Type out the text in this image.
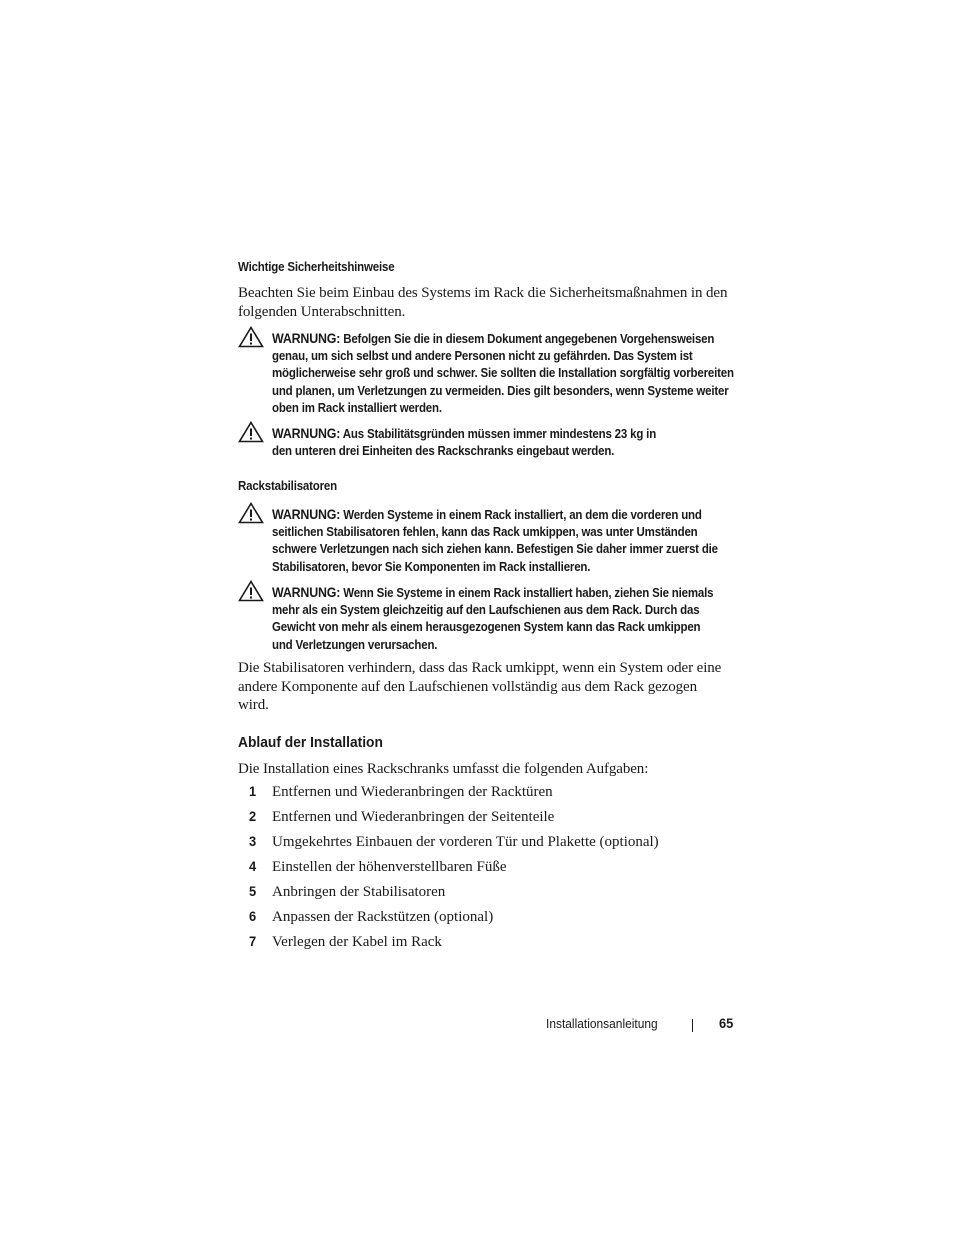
Wichtige Sicherheitshinweise
Beachten Sie beim Einbau des Systems im Rack die Sicherheitsmaßnahmen in den folgenden Unterabschnitten.
WARNUNG: Befolgen Sie die in diesem Dokument angegebenen Vorgehensweisen genau, um sich selbst und andere Personen nicht zu gefährden. Das System ist möglicherweise sehr groß und schwer. Sie sollten die Installation sorgfältig vorbereiten und planen, um Verletzungen zu vermeiden. Dies gilt besonders, wenn Systeme weiter oben im Rack installiert werden.
WARNUNG: Aus Stabilitätsgründen müssen immer mindestens 23 kg in den unteren drei Einheiten des Rackschranks eingebaut werden.
Rackstabilisatoren
WARNUNG: Werden Systeme in einem Rack installiert, an dem die vorderen und seitlichen Stabilisatoren fehlen, kann das Rack umkippen, was unter Umständen schwere Verletzungen nach sich ziehen kann. Befestigen Sie daher immer zuerst die Stabilisatoren, bevor Sie Komponenten im Rack installieren.
WARNUNG: Wenn Sie Systeme in einem Rack installiert haben, ziehen Sie niemals mehr als ein System gleichzeitig auf den Laufschienen aus dem Rack. Durch das Gewicht von mehr als einem herausgezogenen System kann das Rack umkippen und Verletzungen verursachen.
Die Stabilisatoren verhindern, dass das Rack umkippt, wenn ein System oder eine andere Komponente auf den Laufschienen vollständig aus dem Rack gezogen wird.
Ablauf der Installation
Die Installation eines Rackschranks umfasst die folgenden Aufgaben:
1 Entfernen und Wiederanbringen der Racktüren
2 Entfernen und Wiederanbringen der Seitenteile
3 Umgekehrtes Einbauen der vorderen Tür und Plakette (optional)
4 Einstellen der höhenverstellbaren Füße
5 Anbringen der Stabilisatoren
6 Anpassen der Rackstützen (optional)
7 Verlegen der Kabel im Rack
Installationsanleitung	65
